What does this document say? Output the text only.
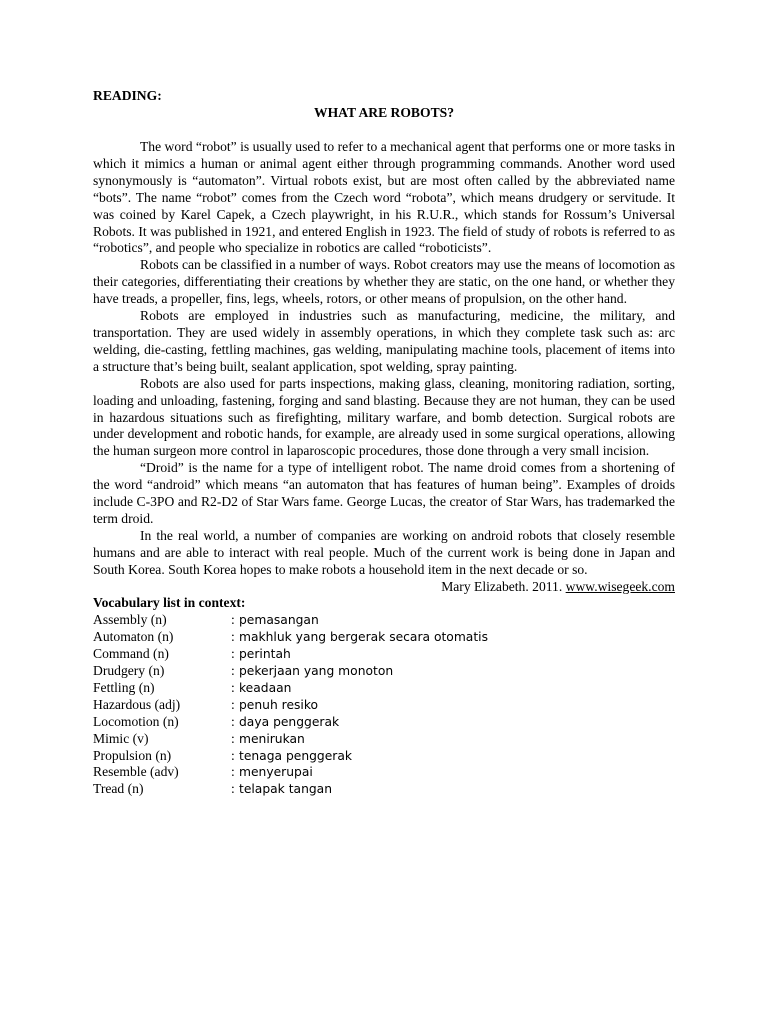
READING:

WHAT ARE ROBOTS?

The word “robot” is usually used to refer to a mechanical agent that performs one or more tasks in which it mimics a human or animal agent either through programming commands. Another word used synonymously is “automaton”. Virtual robots exist, but are most often called by the abbreviated name “bots”. The name “robot” comes from the Czech word “robota”, which means drudgery or servitude. It was coined by Karel Capek, a Czech playwright, in his R.U.R., which stands for Rossum’s Universal Robots. It was published in 1921, and entered English in 1923. The field of study of robots is referred to as “robotics”, and people who specialize in robotics are called “roboticists”.

Robots can be classified in a number of ways. Robot creators may use the means of locomotion as their categories, differentiating their creations by whether they are static, on the one hand, or whether they have treads, a propeller, fins, legs, wheels, rotors, or other means of propulsion, on the other hand.

Robots are employed in industries such as manufacturing, medicine, the military, and transportation. They are used widely in assembly operations, in which they complete task such as: arc welding, die-casting, fettling machines, gas welding, manipulating machine tools, placement of items into a structure that’s being built, sealant application, spot welding, spray painting.

Robots are also used for parts inspections, making glass, cleaning, monitoring radiation, sorting, loading and unloading, fastening, forging and sand blasting. Because they are not human, they can be used in hazardous situations such as firefighting, military warfare, and bomb detection. Surgical robots are under development and robotic hands, for example, are already used in some surgical operations, allowing the human surgeon more control in laparoscopic procedures, those done through a very small incision.

“Droid” is the name for a type of intelligent robot. The name droid comes from a shortening of the word “android” which means “an automaton that has features of human being”. Examples of droids include C-3PO and R2-D2 of Star Wars fame. George Lucas, the creator of Star Wars, has trademarked the term droid.

In the real world, a number of companies are working on android robots that closely resemble humans and are able to interact with real people. Much of the current work is being done in Japan and South Korea. South Korea hopes to make robots a household item in the next decade or so.

Mary Elizabeth. 2011. www.wisegeek.com

Vocabulary list in context:

Assembly (n)	: pemasangan
Automaton (n)	: makhluk yang bergerak secara otomatis
Command (n)	: perintah
Drudgery (n)	: pekerjaan yang monoton
Fettling (n)	: keadaan
Hazardous (adj)	: penuh resiko
Locomotion (n)	: daya penggerak
Mimic (v)	: menirukan
Propulsion (n)	: tenaga penggerak
Resemble (adv)	: menyerupai
Tread (n)	: telapak tangan
